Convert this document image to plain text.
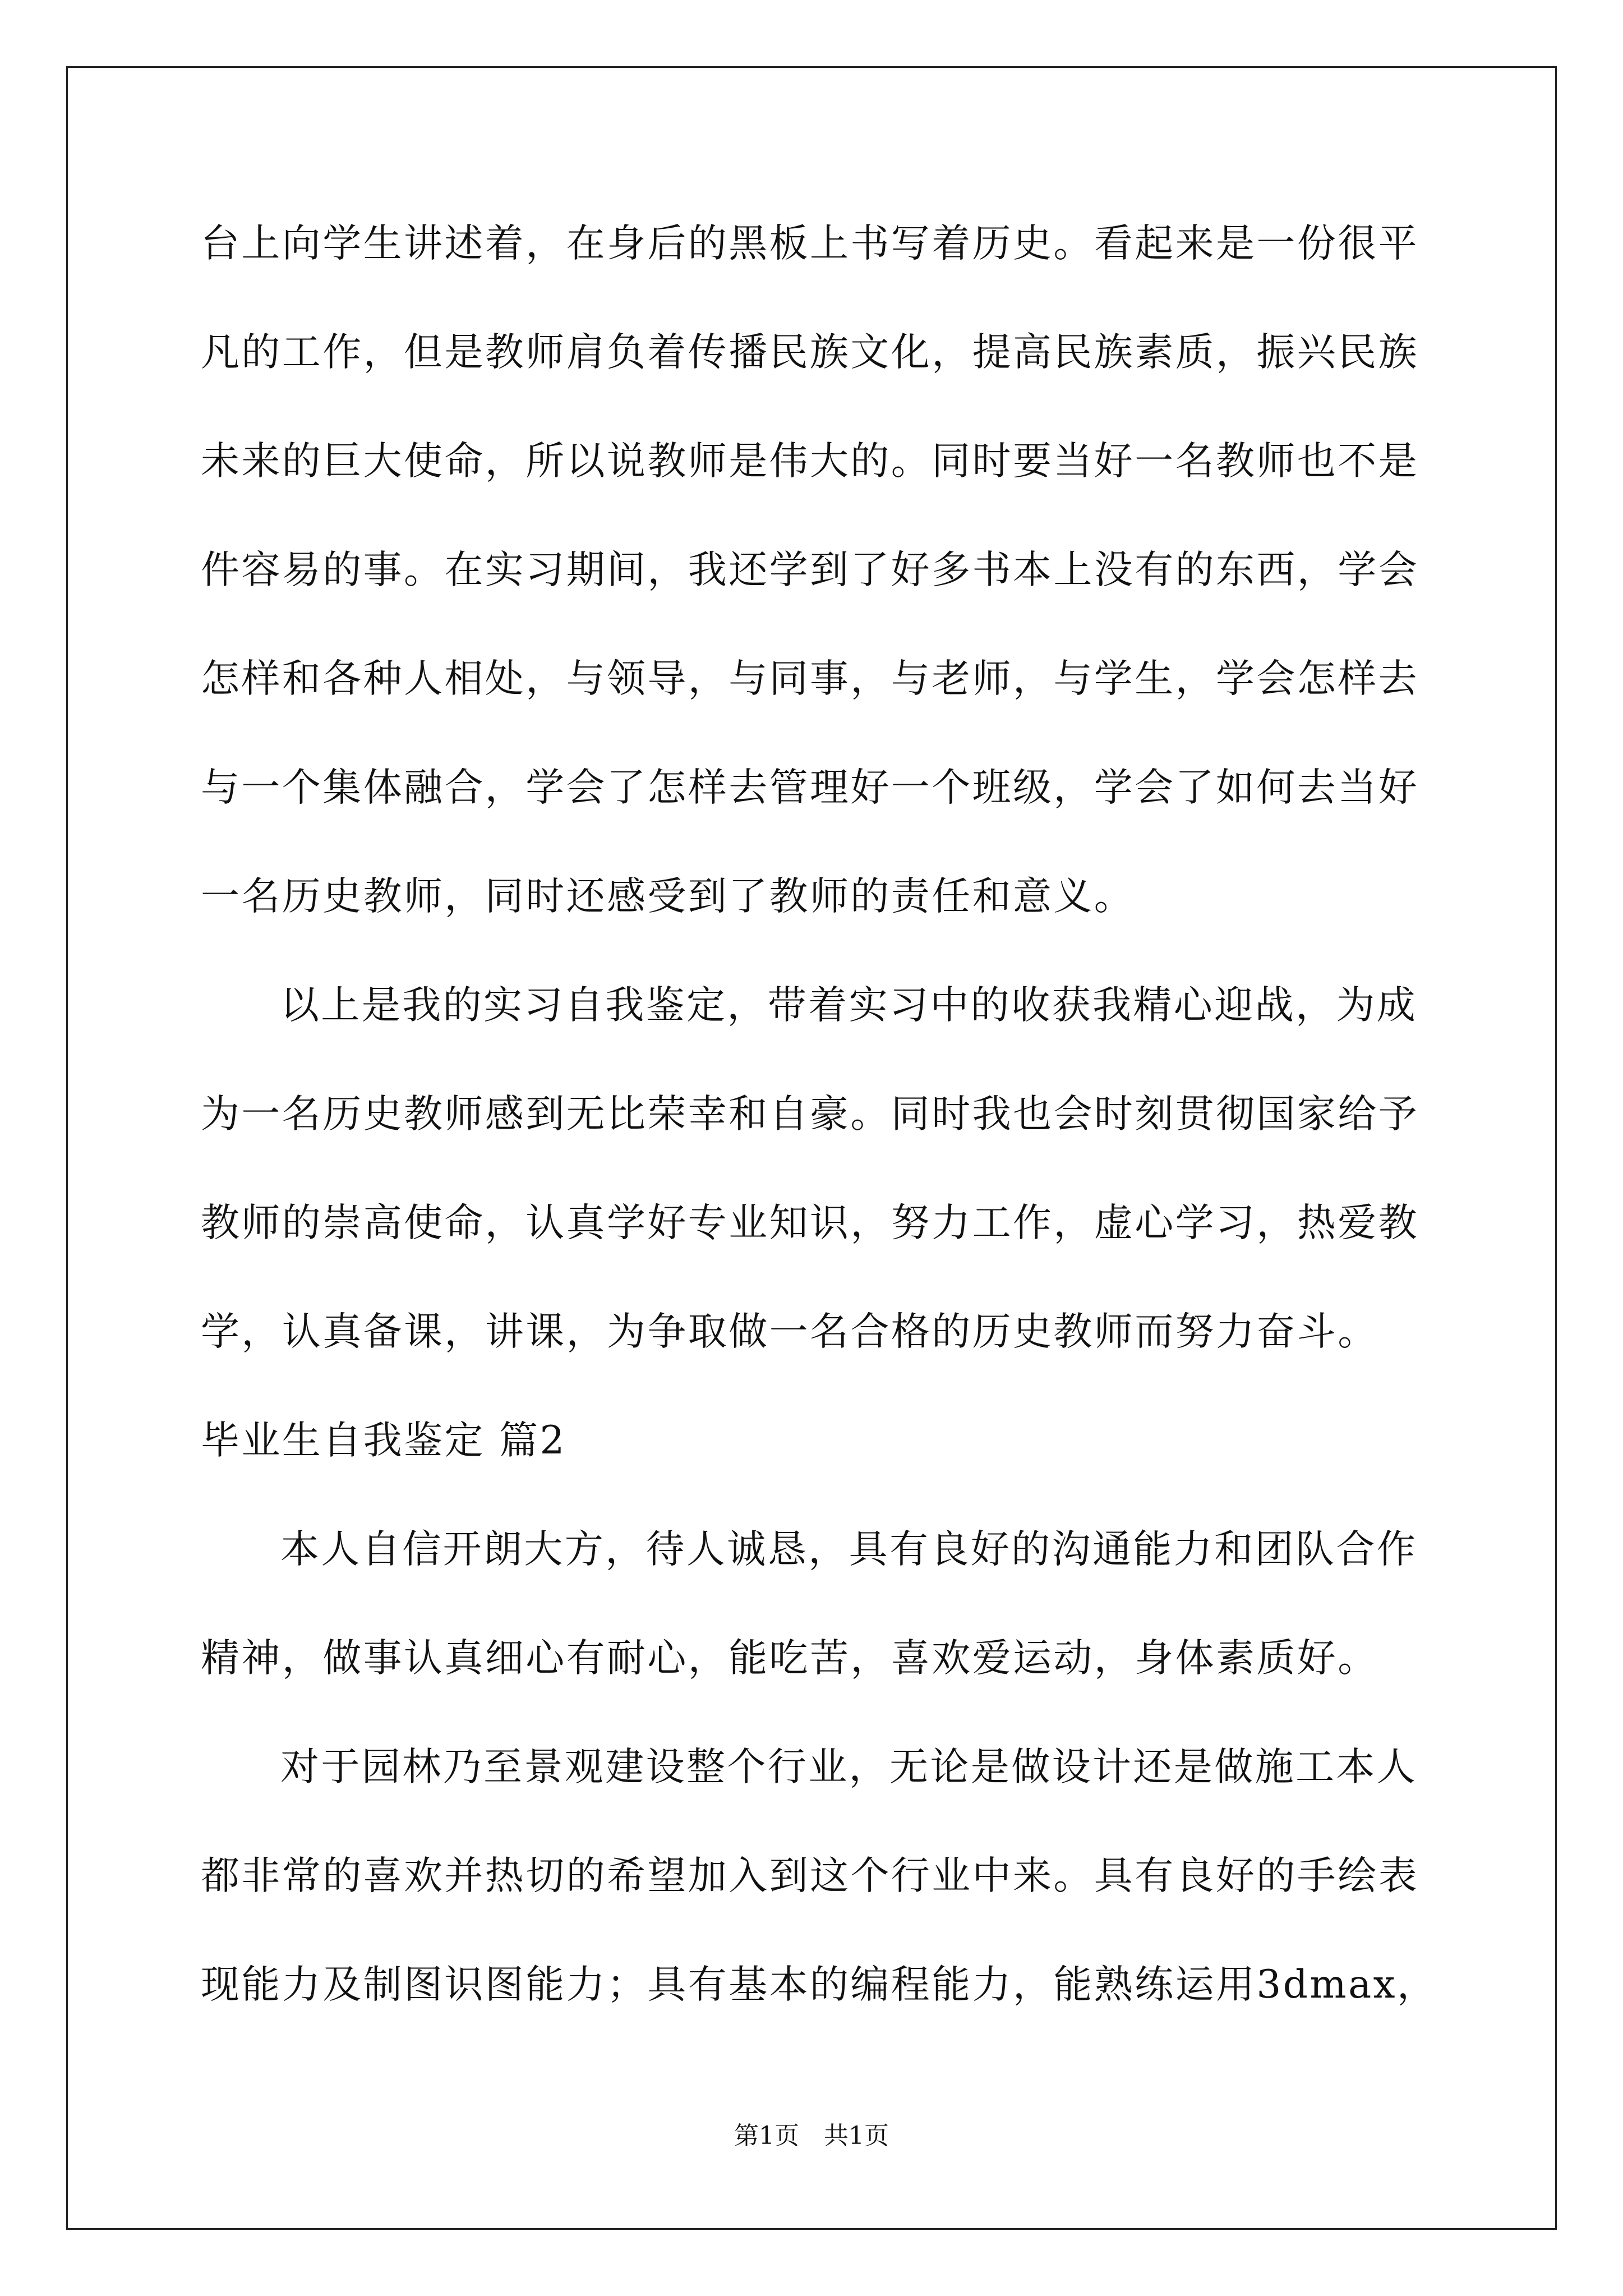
台上向学生讲述着，在身后的黑板上书写着历史。看起来是一份很平
凡的工作，但是教师肩负着传播民族文化，提高民族素质，振兴民族
未来的巨大使命，所以说教师是伟大的。同时要当好一名教师也不是
件容易的事。在实习期间，我还学到了好多书本上没有的东西，学会
怎样和各种人相处，与领导，与同事，与老师，与学生，学会怎样去
与一个集体融合，学会了怎样去管理好一个班级，学会了如何去当好
一名历史教师，同时还感受到了教师的责任和意义。
以上是我的实习自我鉴定，带着实习中的收获我精心迎战，为成
为一名历史教师感到无比荣幸和自豪。同时我也会时刻贯彻国家给予
教师的崇高使命，认真学好专业知识，努力工作，虚心学习，热爱教
学，认真备课，讲课，为争取做一名合格的历史教师而努力奋斗。
毕业生自我鉴定 篇2
本人自信开朗大方，待人诚恳，具有良好的沟通能力和团队合作
精神，做事认真细心有耐心，能吃苦，喜欢爱运动，身体素质好。
对于园林乃至景观建设整个行业，无论是做设计还是做施工本人
都非常的喜欢并热切的希望加入到这个行业中来。具有良好的手绘表
现能力及制图识图能力；具有基本的编程能力，能熟练运用3dmax，
第1页　共1页
